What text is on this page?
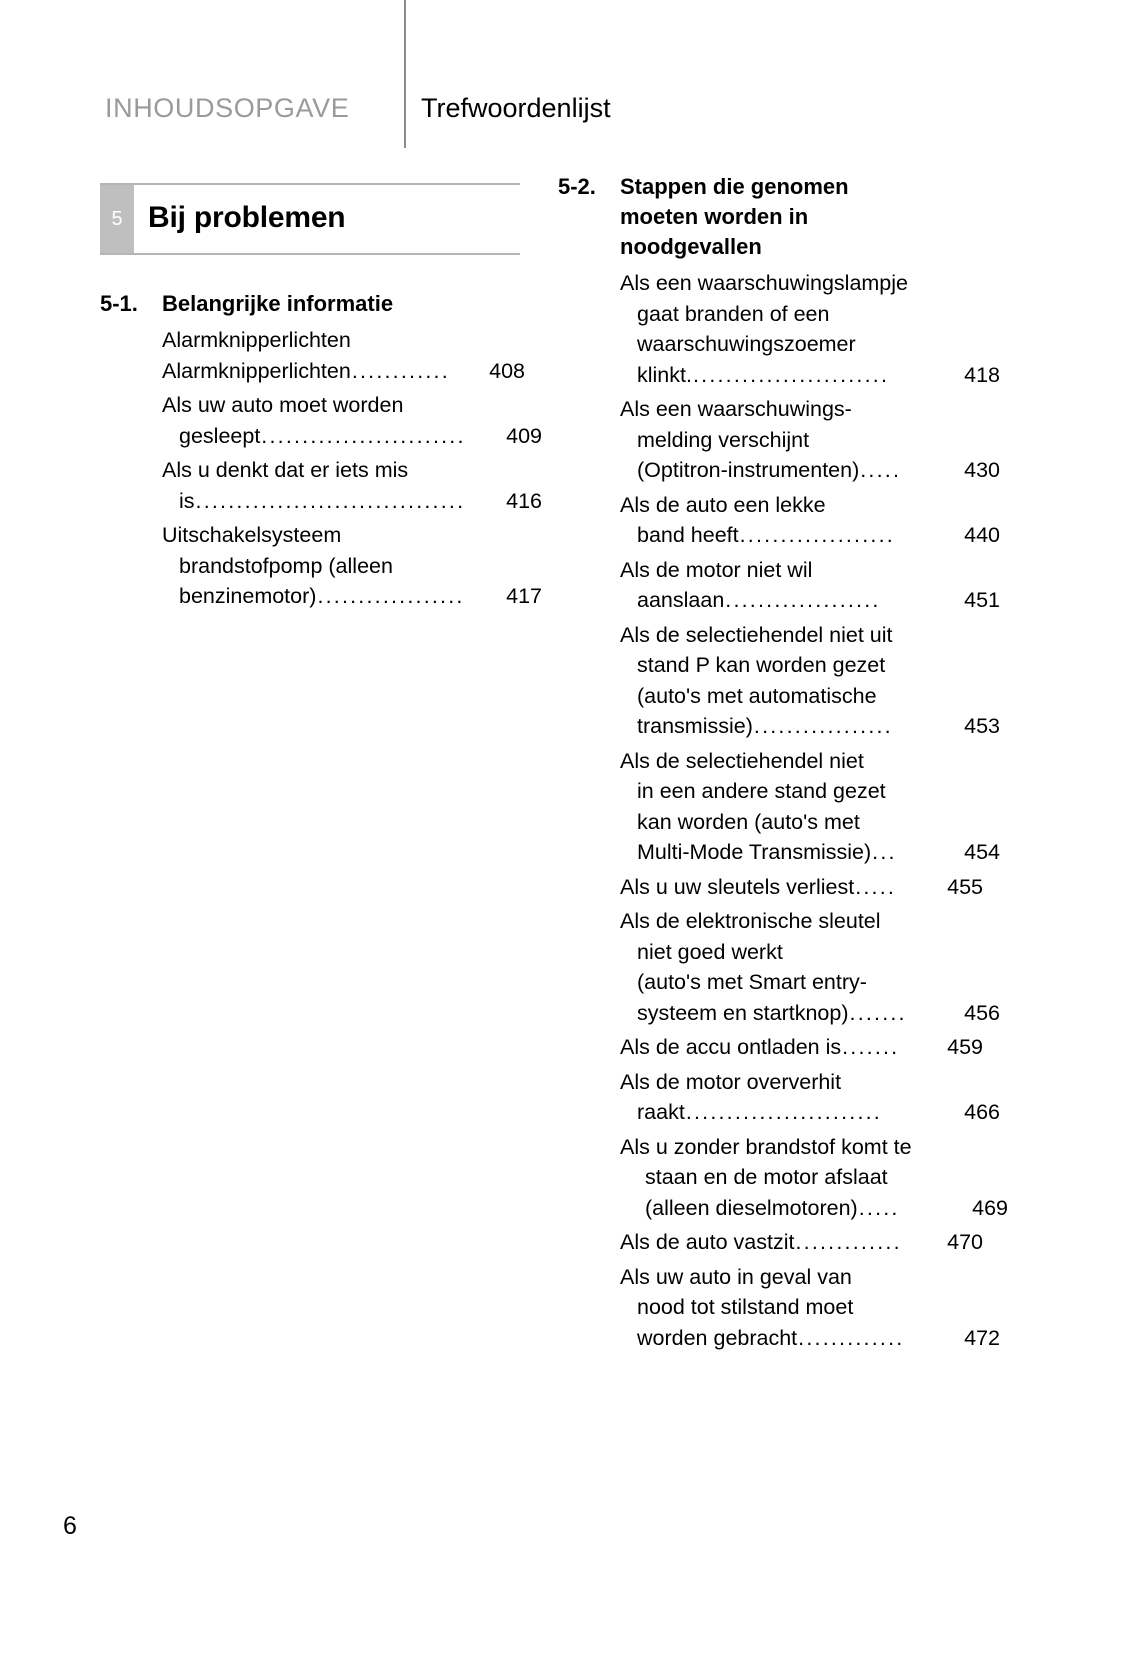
INHOUDSOPGAVE	Trefwoordenlijst
5 Bij problemen
5-1.	Belangrijke informatie
Alarmknipperlichten
Alarmknipperlichten ............	408
Als uw auto moet worden
gesleept .........................	409
Als u denkt dat er iets mis
is .................................	416
Uitschakelsysteem
brandstofpomp (alleen
benzinemotor) ..................	417
5-2.	Stappen die genomen
moeten worden in
noodgevallen
Als een waarschuwingslampje
gaat branden of een
waarschuwingszoemer
klinkt. ........................	418
Als een waarschuwings-
melding verschijnt
(Optitron-instrumenten) .....	430
Als de auto een lekke
band heeft ...................	440
Als de motor niet wil
aanslaan ...................	451
Als de selectiehendel niet uit
stand P kan worden gezet
(auto's met automatische
transmissie) .................	453
Als de selectiehendel niet
in een andere stand gezet
kan worden (auto's met
Multi-Mode Transmissie) ...	454
Als u uw sleutels verliest .....	455
Als de elektronische sleutel
niet goed werkt
(auto's met Smart entry-
systeem en startknop) .......	456
Als de accu ontladen is .......	459
Als de motor oververhit
raakt ........................	466
Als u zonder brandstof komt te
staan en de motor afslaat
(alleen dieselmotoren) .....	469
Als de auto vastzit .............	470
Als uw auto in geval van
nood tot stilstand moet
worden gebracht .............	472
6
